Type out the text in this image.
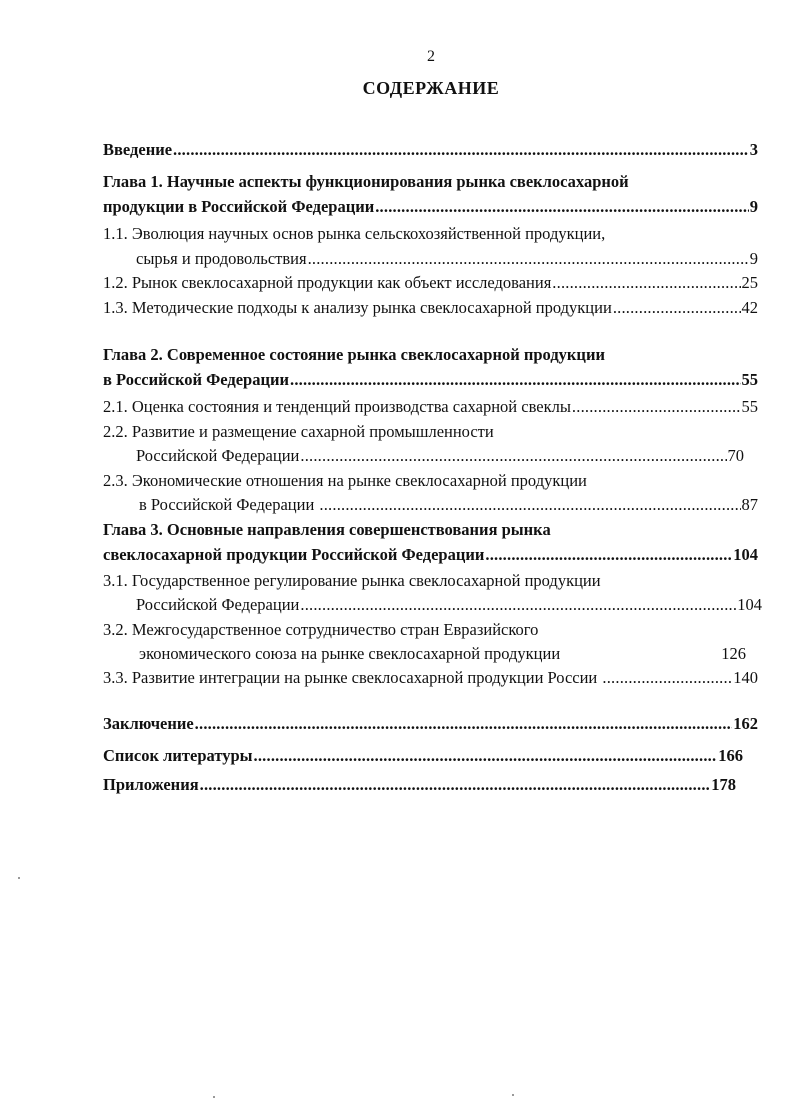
2
СОДЕРЖАНИЕ
Введение .....	3
Глава 1. Научные аспекты функционирования рынка свеклосахарной
продукции в Российской Федерации .....	9
1.1. Эволюция научных основ рынка сельскохозяйственной продукции,
сырья и продовольствия .....	9
1.2. Рынок свеклосахарной продукции как объект исследования .....	25
1.3. Методические подходы к анализу рынка свеклосахарной продукции .....	42
Глава 2. Современное состояние рынка свеклосахарной продукции
в Российской Федерации .....	55
2.1. Оценка состояния и тенденций производства сахарной свеклы .....	55
2.2. Развитие и размещение сахарной промышленности
Российской Федерации .....	70
2.3. Экономические отношения на рынке свеклосахарной продукции
в Российской Федерации .....	87
Глава 3. Основные направления совершенствования рынка
свеклосахарной продукции Российской Федерации .....	104
3.1. Государственное регулирование рынка свеклосахарной продукции
Российской Федерации .....	104
3.2. Межгосударственное сотрудничество стран Евразийского
экономического союза на рынке свеклосахарной продукции	126
3.3. Развитие интеграции на рынке свеклосахарной продукции России .....	140
Заключение .....	162
Список литературы .....	166
Приложения .....	178
